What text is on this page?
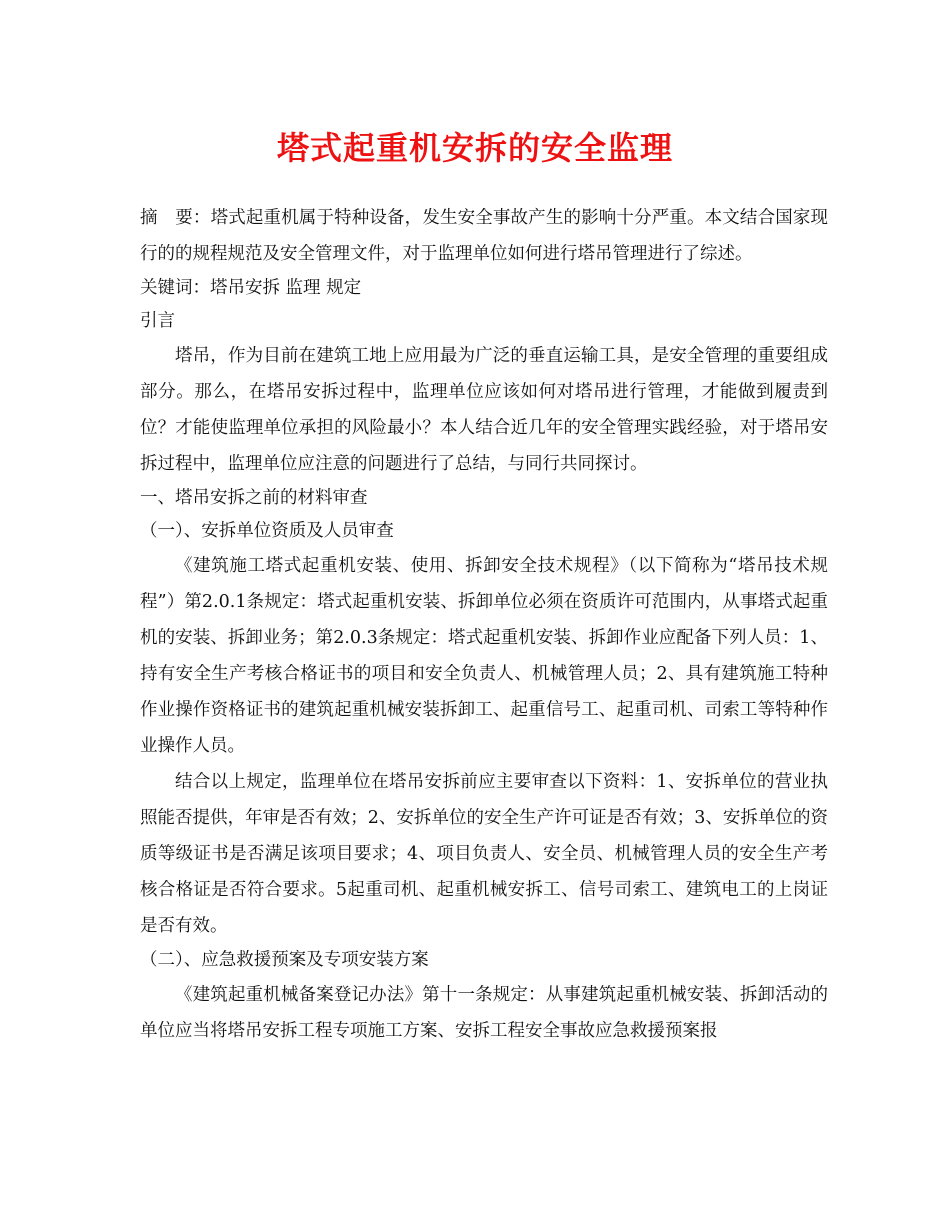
塔式起重机安拆的安全监理

摘　要：塔式起重机属于特种设备，发生安全事故产生的影响十分严重。本文结合国家现行的的规程规范及安全管理文件，对于监理单位如何进行塔吊管理进行了综述。

关键词：塔吊安拆 监理 规定

引言

塔吊，作为目前在建筑工地上应用最为广泛的垂直运输工具，是安全管理的重要组成部分。那么，在塔吊安拆过程中，监理单位应该如何对塔吊进行管理，才能做到履责到位？才能使监理单位承担的风险最小？本人结合近几年的安全管理实践经验，对于塔吊安拆过程中，监理单位应注意的问题进行了总结，与同行共同探讨。

一、塔吊安拆之前的材料审查

（一）、安拆单位资质及人员审查

《建筑施工塔式起重机安装、使用、拆卸安全技术规程》（以下简称为“塔吊技术规程”）第2.0.1条规定：塔式起重机安装、拆卸单位必须在资质许可范围内，从事塔式起重机的安装、拆卸业务；第2.0.3条规定：塔式起重机安装、拆卸作业应配备下列人员：1、持有安全生产考核合格证书的项目和安全负责人、机械管理人员；2、具有建筑施工特种作业操作资格证书的建筑起重机械安装拆卸工、起重信号工、起重司机、司索工等特种作业操作人员。

结合以上规定，监理单位在塔吊安拆前应主要审查以下资料：1、安拆单位的营业执照能否提供，年审是否有效；2、安拆单位的安全生产许可证是否有效；3、安拆单位的资质等级证书是否满足该项目要求；4、项目负责人、安全员、机械管理人员的安全生产考核合格证是否符合要求。5起重司机、起重机械安拆工、信号司索工、建筑电工的上岗证是否有效。

（二）、应急救援预案及专项安装方案

《建筑起重机械备案登记办法》第十一条规定：从事建筑起重机械安装、拆卸活动的单位应当将塔吊安拆工程专项施工方案、安拆工程安全事故应急救援预案报
